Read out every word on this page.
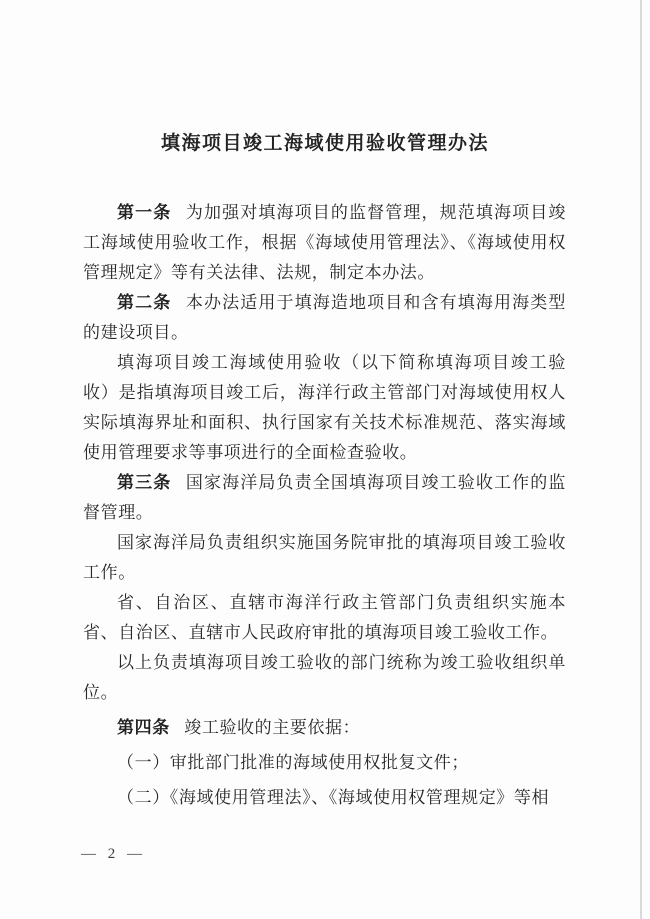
填海项目竣工海域使用验收管理办法

第一条 为加强对填海项目的监督管理，规范填海项目竣工海域使用验收工作，根据《海域使用管理法》、《海域使用权管理规定》等有关法律、法规，制定本办法。

第二条 本办法适用于填海造地项目和含有填海用海类型的建设项目。

填海项目竣工海域使用验收（以下简称填海项目竣工验收）是指填海项目竣工后，海洋行政主管部门对海域使用权人实际填海界址和面积、执行国家有关技术标准规范、落实海域使用管理要求等事项进行的全面检查验收。

第三条 国家海洋局负责全国填海项目竣工验收工作的监督管理。

国家海洋局负责组织实施国务院审批的填海项目竣工验收工作。

省、自治区、直辖市海洋行政主管部门负责组织实施本省、自治区、直辖市人民政府审批的填海项目竣工验收工作。

以上负责填海项目竣工验收的部门统称为竣工验收组织单位。

第四条 竣工验收的主要依据：

（一）审批部门批准的海域使用权批复文件；

（二）《海域使用管理法》、《海域使用权管理规定》等相

— 2 —
